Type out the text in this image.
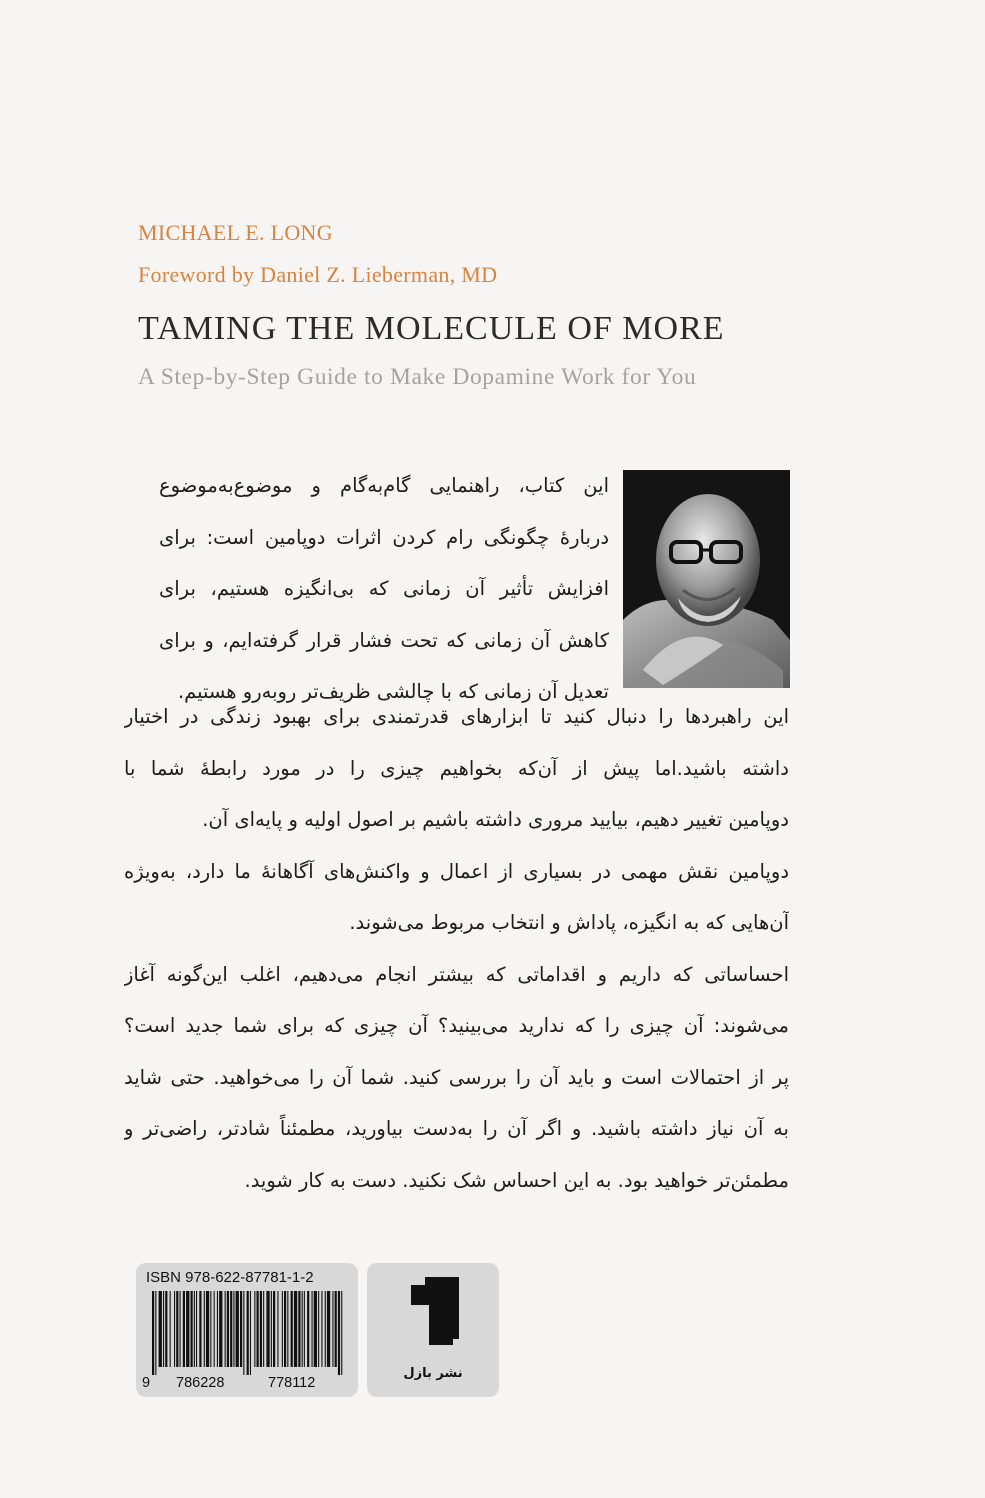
MICHAEL E. LONG
Foreword by Daniel Z. Lieberman, MD
TAMING THE MOLECULE OF MORE
A Step-by-Step Guide to Make Dopamine Work for You

این کتاب، راهنمایی گام‌به‌گام و موضوع‌به‌موضوع

دربارهٔ چگونگی رام کردن اثرات دوپامین است: برای

افزایش تأثیر آن زمانی که بی‌انگیزه هستیم، برای

کاهش آن زمانی که تحت فشار قرار گرفته‌ایم، و برای

تعدیل آن زمانی که با چالشی ظریف‌تر روبه‌رو هستیم.

این راهبردها را دنبال کنید تا ابزارهای قدرتمندی برای بهبود زندگی در اختیار

داشته باشید.اما پیش از آن‌که بخواهیم چیزی را در مورد رابطهٔ شما با

دوپامین تغییر دهیم، بیایید مروری داشته باشیم بر اصول اولیه و پایه‌ای آن.

دوپامین نقش مهمی در بسیاری از اعمال و واکنش‌های آگاهانهٔ ما دارد، به‌ویژه

آن‌هایی که به انگیزه، پاداش و انتخاب مربوط می‌شوند.

احساساتی که داریم و اقداماتی که بیشتر انجام می‌دهیم، اغلب این‌گونه آغاز

می‌شوند: آن چیزی را که ندارید می‌بینید؟ آن چیزی که برای شما جدید است؟

پر از احتمالات است و باید آن را بررسی کنید. شما آن را می‌خواهید. حتی شاید

به آن نیاز داشته باشید. و اگر آن را به‌دست بیاورید، مطمئناً شادتر، راضی‌تر و

مطمئن‌تر خواهید بود. به این احساس شک نکنید. دست به کار شوید.

ISBN 978-622-87781-1-2
9 786228	778112
نشر بازل
